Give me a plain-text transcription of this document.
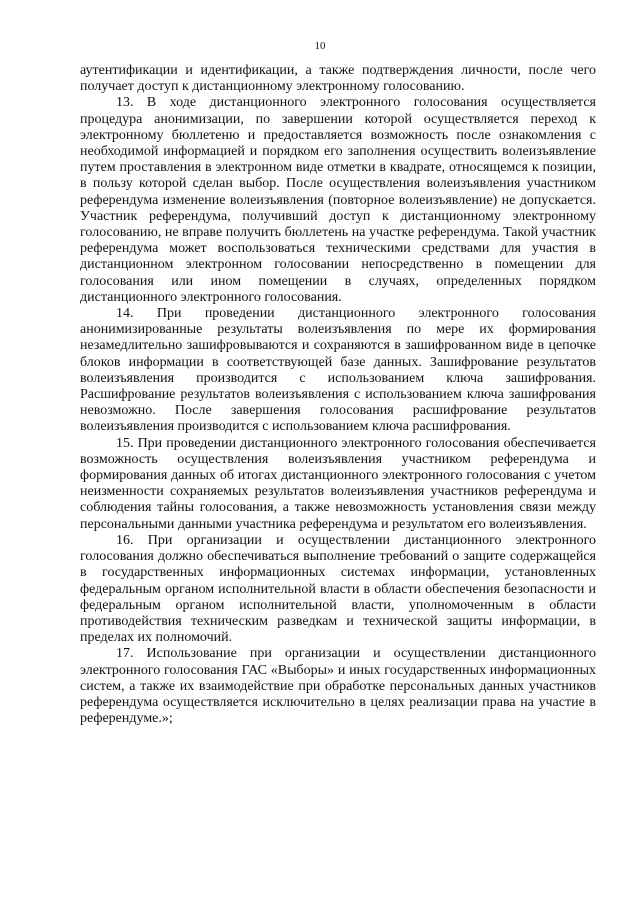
10

аутентификации и идентификации, а также подтверждения личности, после чего получает доступ к дистанционному электронному голосованию.

13. В ходе дистанционного электронного голосования осуществляется процедура анонимизации, по завершении которой осуществляется переход к электронному бюллетеню и предоставляется возможность после ознакомления с необходимой информацией и порядком его заполнения осуществить волеизъявление путем проставления в электронном виде отметки в квадрате, относящемся к позиции, в пользу которой сделан выбор. После осуществления волеизъявления участником референдума изменение волеизъявления (повторное волеизъявление) не допускается. Участник референдума, получивший доступ к дистанционному электронному голосованию, не вправе получить бюллетень на участке референдума. Такой участник референдума может воспользоваться техническими средствами для участия в дистанционном электронном голосовании непосредственно в помещении для голосования или ином помещении в случаях, определенных порядком дистанционного электронного голосования.

14. При проведении дистанционного электронного голосования анонимизированные результаты волеизъявления по мере их формирования незамедлительно зашифровываются и сохраняются в зашифрованном виде в цепочке блоков информации в соответствующей базе данных. Зашифрование результатов волеизъявления производится с использованием ключа зашифрования. Расшифрование результатов волеизъявления с использованием ключа зашифрования невозможно. После завершения голосования расшифрование результатов волеизъявления производится с использованием ключа расшифрования.

15. При проведении дистанционного электронного голосования обеспечивается возможность осуществления волеизъявления участником референдума и формирования данных об итогах дистанционного электронного голосования с учетом неизменности сохраняемых результатов волеизъявления участников референдума и соблюдения тайны голосования, а также невозможность установления связи между персональными данными участника референдума и результатом его волеизъявления.

16. При организации и осуществлении дистанционного электронного голосования должно обеспечиваться выполнение требований о защите содержащейся в государственных информационных системах информации, установленных федеральным органом исполнительной власти в области обеспечения безопасности и федеральным органом исполнительной власти, уполномоченным в области противодействия техническим разведкам и технической защиты информации, в пределах их полномочий.

17. Использование при организации и осуществлении дистанционного электронного голосования ГАС «Выборы» и иных государственных информационных систем, а также их взаимодействие при обработке персональных данных участников референдума осуществляется исключительно в целях реализации права на участие в референдуме.»;
